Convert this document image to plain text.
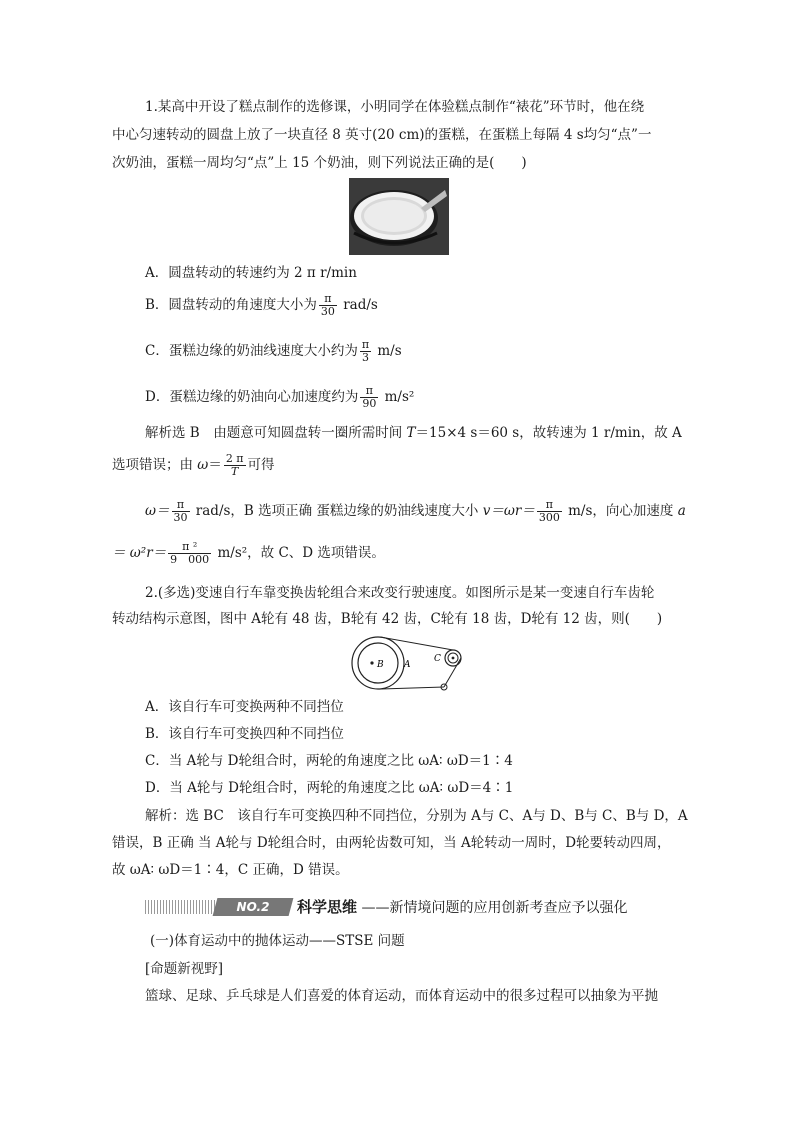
1.某高中开设了糕点制作的选修课，小明同学在体验糕点制作“裱花”环节时，他在绕
中心匀速转动的圆盘上放了一块直径 8 英寸(20 cm)的蛋糕，在蛋糕上每隔 4 s均匀“点”一
次奶油，蛋糕一周均匀“点”上 15 个奶油，则下列说法正确的是(　　)
A．圆盘转动的转速约为 2 π r/min
B．圆盘转动的角速度大小为 $\frac{\pi}{30} rad/s$
C．蛋糕边缘的奶油线速度大小约为 $\frac{\pi}{3} m/s$
D．蛋糕边缘的奶油向心加速度约为 $\frac{\pi}{90} m/s^2$
解析选 B　由题意可知圆盘转一圈所需时间 T＝15×4 s＝60 s，故转速为 1 r/min，故 A
选项错误；由 $\omega= \frac{2 \pi}{T}$ 可得
$\omega= \frac{\pi}{30} rad/s$，B 选项正确 蛋糕边缘的奶油线速度大小 $v=\omega r= \frac{\pi}{300} m/s$，向心加速度 a
＝ $\omega^2r= \frac{\text{π ²}}{9 000} m/s^2$，故 C、D 选项错误。
2.(多选)变速自行车靠变换齿轮组合来改变行驶速度。如图所示是某一变速自行车齿轮
转动结构示意图，图中 A轮有 48 齿，B轮有 42 齿，C轮有 18 齿，D轮有 12 齿，则(　　)
B A
C
A．该自行车可变换两种不同挡位
B．该自行车可变换四种不同挡位
C．当 A轮与 D轮组合时，两轮的角速度之比 ωA∶ ωD＝1∶4
D．当 A轮与 D轮组合时，两轮的角速度之比 ωA∶ ωD＝4∶1
解析：选 BC　该自行车可变换四种不同挡位，分别为 A与 C、A与 D、B与 C、B与 D，A
错误，B 正确 当 A轮与 D轮组合时，由两轮齿数可知，当 A轮转动一周时，D轮要转动四周，
故 ωA∶ ωD＝1∶4，C 正确，D 错误。
NO.2	科学思维 ——新情境问题的应用创新考查应予以强化
(一)体育运动中的抛体运动——STSE 问题
[命题新视野]
篮球、足球、乒乓球是人们喜爱的体育运动，而体育运动中的很多过程可以抽象为平抛
